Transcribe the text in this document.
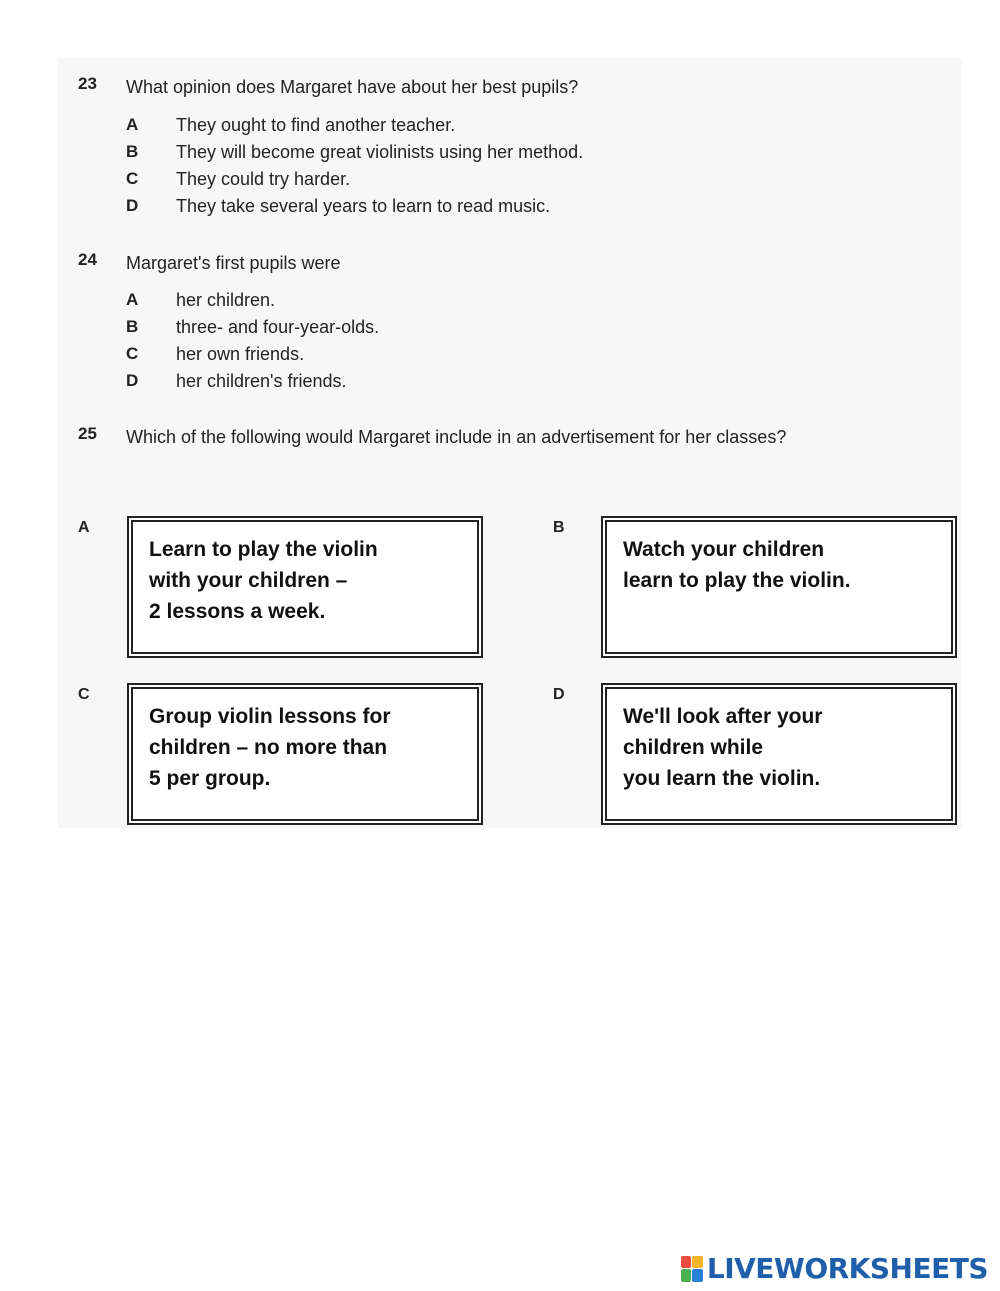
23 What opinion does Margaret have about her best pupils?
A They ought to find another teacher.
B They will become great violinists using her method.
C They could try harder.
D They take several years to learn to read music.
24 Margaret's first pupils were
A her children.
B three- and four-year-olds.
C her own friends.
D her children's friends.
25 Which of the following would Margaret include in an advertisement for her classes?
A
Learn to play the violin
with your children –
2 lessons a week.
B
Watch your children
learn to play the violin.
C
Group violin lessons for
children – no more than
5 per group.
D
We'll look after your
children while
you learn the violin.
LIVEWORKSHEETS
